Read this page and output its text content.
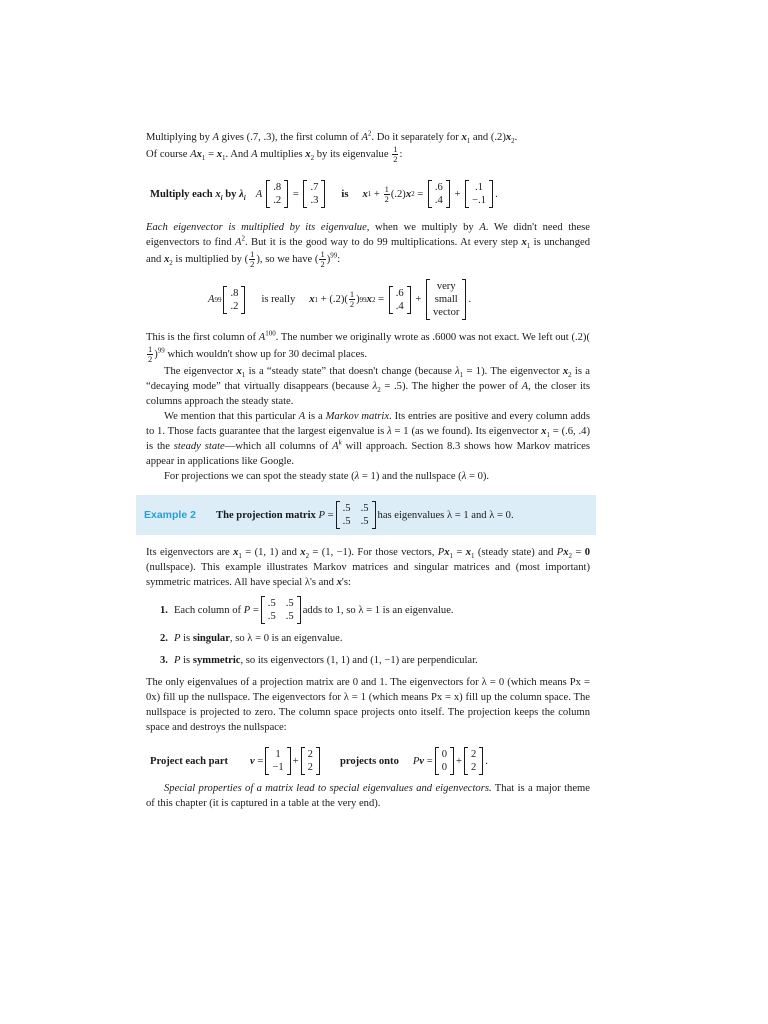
Multiplying by A gives (.7, .3), the first column of $A^2$. Do it separately for $x_1$ and $(.2)x_2$.
Of course $Ax_1 = x_1$. And A multiplies $x_2$ by its eigenvalue $\frac{1}{2}$ :

Multiply each $x_i$ by $\lambda_i$ A
.8
.2
=
.7
.3
is x $1 + \frac{1}{2} (.2)$ x 2 =
.6
.4
+
.1
−.1
.

Each eigenvector is multiplied by its eigenvalue, when we multiply by A. We didn't need these eigenvectors to find $A^2$. But it is the good way to do 99 multiplications. At every step $x_1$ is unchanged and $x_2$ is multiplied by ( $\frac{1}{2}$ ), so we have ( $\frac{1}{2} )^{99}$:

A 99
.8
.2
is really x $1 + (.2)( \frac{1}{2}$ ) 99 x 2 =
.6
.4
+
very
small
vector
.

This is the first column of $A^{100}$. The number we originally wrote as .6000 was not exact. We left out (.2)(
$\frac{1}{2} )^{99}$ which wouldn't show up for 30 decimal places.

The eigenvector $x_1$ is a “steady state” that doesn't change (because $\lambda_1 = 1$). The eigenvector $x_2$ is a “decaying mode” that virtually disappears (because $\lambda_2 = .5$). The higher the power of A, the closer its columns approach the steady state.

We mention that this particular A is a Markov matrix. Its entries are positive and every column adds to 1. Those facts guarantee that the largest eigenvalue is λ = 1 (as we found). Its eigenvector $x_1 = (.6$, .4) is the steady state—which all columns of $A^k$ will approach. Section 8.3 shows how Markov matrices appear in applications like Google.

For projections we can spot the steady state (λ = 1) and the nullspace (λ = 0).

Example 2	The projection matrix
P =
.5 .5
.5 .5
has eigenvalues λ = 1 and λ = 0.

Its eigenvectors are $x_1 = (1$, 1) and $x_2 = (1$, −1). For those vectors, $Px_1 = x_1$ (steady state) and $Px_2 = 0$ (nullspace). This example illustrates Markov matrices and singular matrices and (most important) symmetric matrices. All have special λ's and x's:

1. Each column of
P =
.5 .5
.5 .5
adds to 1, so λ = 1 is an eigenvalue.
2. P
is
singular , so λ = 0 is an eigenvalue.
3. P
is
symmetric , so its eigenvectors (1, 1) and (1, −1) are perpendicular.

The only eigenvalues of a projection matrix are 0 and 1. The eigenvectors for λ = 0 (which means Px = 0x) fill up the nullspace. The eigenvectors for λ = 1 (which means Px = x) fill up the column space. The nullspace is projected to zero. The column space projects onto itself. The projection keeps the column space and destroys the nullspace:

Project each part v =
1
−1
+
2
2
projects onto P v =
0
0
+
2
2
.

Special properties of a matrix lead to special eigenvalues and eigenvectors. That is a major theme of this chapter (it is captured in a table at the very end).
